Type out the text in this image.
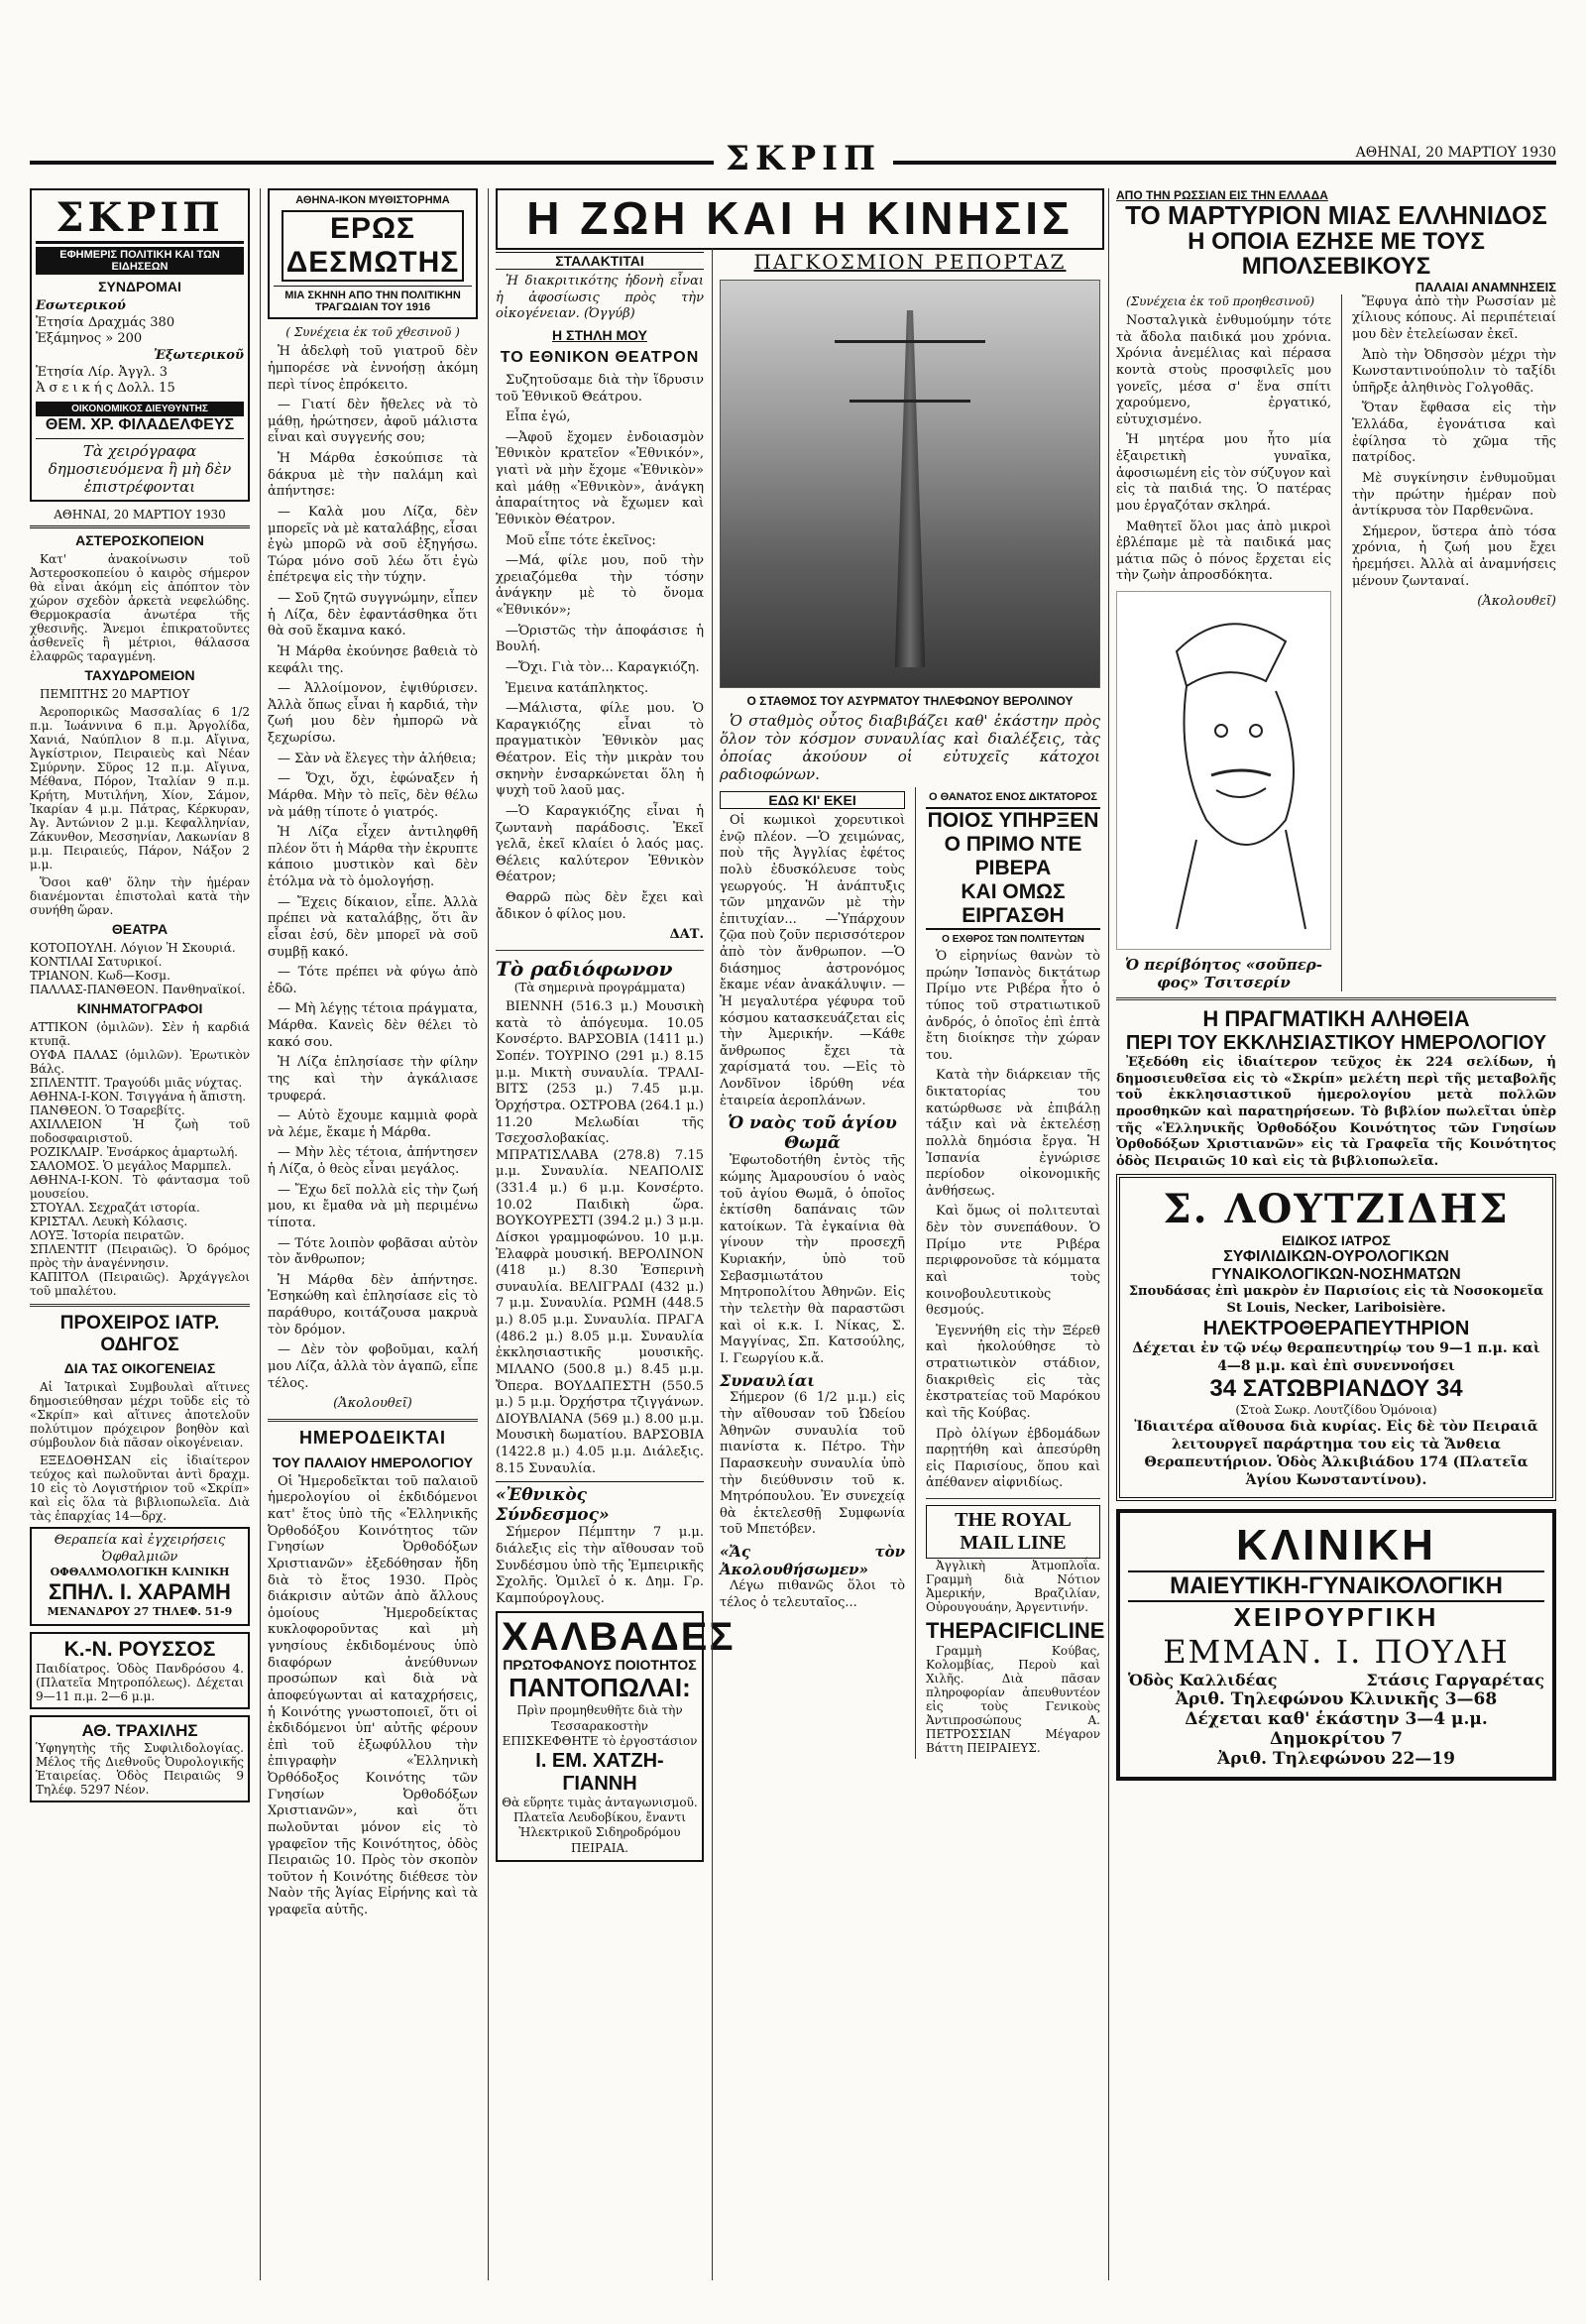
ΣΚΡΙΠ	ΑΘΗΝΑΙ, 20 ΜΑΡΤΙΟΥ 1930
ΣΚΡΙΠ
ΕΦΗΜΕΡΙΣ ΠΟΛΙΤΙΚΗ ΚΑΙ ΤΩΝ ΕΙΔΗΣΕΩΝ
ΣΥΝΔΡΟΜΑΙ
Εσωτερικού
Ἐτησία Δραχμάς 380
Ἑξάμηνος » 200
Ἐξωτερικοῦ
Ἐτησία Λίρ. Ἀγγλ. 3
Ἀ σ ε ι κ ή ς Δολλ. 15
ΟΙΚΟΝΟΜΙΚΟΣ ΔΙΕΥΘΥΝΤΗΣ
ΘΕΜ. ΧΡ. ΦΙΛΑΔΕΛΦΕΥΣ
Τὰ χειρόγραφα δημοσιευόμενα ἢ μὴ δὲν ἐπιστρέφονται
ΑΘΗΝΑΙ, 20 ΜΑΡΤΙΟΥ 1930
ΑΣΤΕΡΟΣΚΟΠΕΙΟΝ

Κατ' ἀνακοίνωσιν τοῦ Ἀστεροσκοπείου ὁ καιρὸς σήμερον θὰ εἶναι ἀκόμη εἰς ἀπόπτον τὸν χώρον σχεδὸν ἀρκετὰ νεφελώδης. Θερμοκρασία ἀνωτέρα τῆς χθεσινῆς. Ἄνεμοι ἐπικρατοῦντες ἀσθενεῖς ἢ μέτριοι, θάλασσα ἐλαφρῶς ταραγμένη.

ΤΑΧΥΔΡΟΜΕΙΟΝ

ΠΕΜΠΤΗΣ 20 ΜΑΡΤΙΟΥ

Ἀεροπορικῶς Μασσαλίας 6 1/2 π.μ. Ἰωάννινα 6 π.μ. Ἀργολίδα, Χανιά, Ναύπλιον 8 π.μ. Αἴγινα, Ἀγκίστριον, Πειραιεὺς καὶ Νέαν Σμύρνην. Σῦρος 12 π.μ. Αἴγινα, Μέθανα, Πόρον, Ἰταλίαν 9 π.μ. Κρήτη, Μυτιλήνη, Χίον, Σάμον, Ἰκαρίαν 4 μ.μ. Πάτρας, Κέρκυραν, Ἀγ. Ἀντώνιον 2 μ.μ. Κεφαλληνίαν, Ζάκυνθον, Μεσσηνίαν, Λακωνίαν 8 μ.μ. Πειραιεύς, Πάρον, Νάξον 2 μ.μ.

Ὅσοι καθ' ὅλην τὴν ἡμέραν διανέμονται ἐπιστολαὶ κατὰ τὴν συνήθη ὥραν.

ΘΕΑΤΡΑ
ΚΟΤΟΠΟΥΛΗ. Λόγιον Ἡ Σκουριά.
ΚΟΝΤΙΛΑΙ Σατυρικοί.
ΤΡΙΑΝΟΝ. Κωδ—Κοσμ.
ΠΑΛΛΑΣ-ΠΑΝΘΕΟΝ. Πανθηναϊκοί.
ΚΙΝΗΜΑΤΟΓΡΑΦΟΙ
ΑΤΤΙΚΟΝ (ὁμιλῶν). Σὲν ἡ καρδιά κτυπᾷ.
ΟΥΦΑ ΠΑΛΑΣ (ὁμιλῶν). Ἐρωτικὸν Βάλς.
ΣΠΛΕΝΤΙΤ. Τραγούδι μιᾶς νύχτας.
ΑΘΗΝΑ-Ι-ΚΟΝ. Τσιγγάνα ἡ ἄπιστη.
ΠΑΝΘΕΟΝ. Ὁ Τσαρεβίτς.
ΑΧΙΛΛΕΙΟΝ Ἡ ζωὴ τοῦ ποδοσφαιριστοῦ.
ΡΟΖΙΚΛΑΙΡ. Ἐνσάρκος ἀμαρτωλή.
ΣΑΛΟΜΟΣ. Ὁ μεγάλος Μαρμπελ.
ΑΘΗΝΑ-Ι-ΚΟΝ. Τὸ φάντασμα τοῦ μουσείου.
ΣΤΟΥΑΛ. Σεχραζάτ ιστορία.
ΚΡΙΣΤΑΛ. Λευκὴ Κόλασις.
ΛΟΥΞ. Ἰστορία πειρατῶν.
ΣΠΛΕΝΤΙΤ (Πειραιῶς). Ὁ δρόμος πρὸς τὴν ἀναγέννησιν.
ΚΑΠΙΤΟΛ (Πειραιῶς). Ἀρχάγγελοι τοῦ μπαλέτου.
ΠΡΟΧΕΙΡΟΣ ΙΑΤΡ. ΟΔΗΓΟΣ
ΔΙΑ ΤΑΣ ΟΙΚΟΓΕΝΕΙΑΣ

Αἱ Ἰατρικαὶ Συμβουλαὶ αἵτινες δημοσιεύθησαν μέχρι τοῦδε εἰς τὸ «Σκρίπ» καὶ αἵτινες ἀποτελοῦν πολύτιμον πρόχειρον βοηθὸν καὶ σύμβουλον διὰ πᾶσαν οἰκογένειαν.

ΕΞΕΔΟΘΗΣΑΝ εἰς ἰδιαίτερον τεύχος καὶ πωλοῦνται ἀντὶ δραχμ. 10 εἰς τὸ Λογιστήριον τοῦ «Σκρίπ» καὶ εἰς ὅλα τὰ βιβλιοπωλεῖα. Διὰ τὰς ἐπαρχίας 14—δρχ.

Θεραπεία καὶ ἐγχειρήσεις Ὀφθαλμιῶν
ΟΦΘΑΛΜΟΛΟΓΙΚΗ ΚΛΙΝΙΚΗ
ΣΠΗΛ. Ι. ΧΑΡΑΜΗ
ΜΕΝΑΝΔΡΟΥ 27 ΤΗΛΕΦ. 51-9
Κ.-Ν. ΡΟΥΣΣΟΣ
Παιδίατρος. Ὁδὸς Πανδρόσου 4. (Πλατεῖα Μητροπόλεως). Δέχεται 9—11 π.μ. 2—6 μ.μ.
ΑΘ. ΤΡΑΧΙΛΗΣ
Ὑφηγητὴς τῆς Συφιλιδολογίας. Μέλος τῆς Διεθνοῦς Ὀυρολογικῆς Ἑταιρείας. Ὁδὸς Πειραιῶς 9 Τηλέφ. 5297 Νέον.
ΑΘΗΝΑ-ΙΚΟΝ ΜΥΘΙΣΤΟΡΗΜΑ
ΕΡΩΣ ΔΕΣΜΩΤΗΣ
ΜΙΑ ΣΚΗΝΗ ΑΠΟ ΤΗΝ ΠΟΛΙΤΙΚΗΝ ΤΡΑΓΩΔΙΑΝ ΤΟΥ 1916

( Συνέχεια ἐκ τοῦ χθεσινοῦ )

Ἡ ἀδελφὴ τοῦ γιατροῦ δὲν ἠμπορέσε νὰ ἐννοήσῃ ἀκόμη περὶ τίνος ἐπρόκειτο.

— Γιατί δὲν ἤθελες νὰ τὸ μάθῃ, ἠρώτησεν, ἀφοῦ μάλιστα εἶναι καὶ συγγενής σου;

Ἡ Μάρθα ἐσκούπισε τὰ δάκρυα μὲ τὴν παλάμη καὶ ἀπήντησε:

— Καλὰ μου Λίζα, δὲν μπορεῖς νὰ μὲ καταλάβῃς, εἶσαι ἐγὼ μπορῶ νὰ σοῦ ἐξηγήσω. Τώρα μόνο σοῦ λέω ὅτι ἐγὼ ἐπέτρεψα εἰς τὴν τύχην.

— Σοῦ ζητῶ συγγνώμην, εἶπεν ἡ Λίζα, δὲν ἐφαντάσθηκα ὅτι θὰ σοῦ ἔκαμνα κακό.

Ἡ Μάρθα ἐκούνησε βαθειὰ τὸ κεφάλι της.

— Ἀλλοίμονον, ἐψιθύρισεν. Ἀλλὰ ὅπως εἶναι ἡ καρδιά, τὴν ζωή μου δὲν ἠμπορῶ νὰ ξεχωρίσω.

— Σὰν νὰ ἔλεγες τὴν ἀλήθεια;

— Ὄχι, ὄχι, ἐφώναξεν ἡ Μάρθα. Μὴν τὸ πεῖς, δὲν θέλω νὰ μάθῃ τίποτε ὁ γιατρός.

Ἡ Λίζα εἶχεν ἀντιληφθῆ πλέον ὅτι ἡ Μάρθα τὴν ἐκρυπτε κάποιο μυστικὸν καὶ δὲν ἐτόλμα νὰ τὸ ὁμολογήσῃ.

— Ἔχεις δίκαιον, εἶπε. Ἀλλὰ πρέπει νὰ καταλάβῃς, ὅτι ἂν εἶσαι ἐσύ, δὲν μπορεῖ νὰ σοῦ συμβῇ κακό.

— Τότε πρέπει νὰ φύγω ἀπὸ ἐδῶ.

— Μὴ λέγῃς τέτοια πράγματα, Μάρθα. Κανεὶς δὲν θέλει τὸ κακό σου.

Ἡ Λίζα ἐπλησίασε τὴν φίλην της καὶ τὴν ἀγκάλιασε τρυφερά.

— Αὐτὸ ἔχουμε καμμιὰ φορὰ νὰ λέμε, ἔκαμε ἡ Μάρθα.

— Μὴν λὲς τέτοια, ἀπήντησεν ἡ Λίζα, ὁ θεὸς εἶναι μεγάλος.

— Ἔχω δεῖ πολλὰ εἰς τὴν ζωή μου, κι ἔμαθα νὰ μὴ περιμένω τίποτα.

— Τότε λοιπὸν φοβᾶσαι αὐτὸν τὸν ἄνθρωπον;

Ἡ Μάρθα δὲν ἀπήντησε. Ἐσηκώθη καὶ ἐπλησίασε εἰς τὸ παράθυρο, κοιτάζουσα μακρυὰ τὸν δρόμον.

— Δὲν τὸν φοβοῦμαι, καλή μου Λίζα, ἀλλὰ τὸν ἀγαπῶ, εἶπε τέλος.

(Ἀκολουθεῖ)

ΗΜΕΡΟΔΕΙΚΤΑΙ
ΤΟΥ ΠΑΛΑΙΟΥ ΗΜΕΡΟΛΟΓΙΟΥ

Οἱ Ἡμεροδεῖκται τοῦ παλαιοῦ ἡμερολογίου οἱ ἐκδιδόμενοι κατ' ἔτος ὑπὸ τῆς «Ἑλληνικῆς Ὀρθοδόξου Κοινότητος τῶν Γνησίων Ὀρθοδόξων Χριστιανῶν» ἐξεδόθησαν ἤδη διὰ τὸ ἔτος 1930. Πρὸς διάκρισιν αὐτῶν ἀπὸ ἄλλους ὁμοίους Ἡμεροδείκτας κυκλοφοροῦντας καὶ μὴ γνησίους ἐκδιδομένους ὑπὸ διαφόρων ἀνεύθυνων προσώπων καὶ διὰ νὰ ἀποφεύγωνται αἱ καταχρήσεις, ἡ Κοινότης γνωστοποιεῖ, ὅτι οἱ ἐκδιδόμενοι ὑπ' αὐτῆς φέρουν ἐπὶ τοῦ ἐξωφύλλου τὴν ἐπιγραφὴν «Ἑλληνικὴ Ὀρθόδοξος Κοινότης τῶν Γνησίων Ὀρθοδόξων Χριστιανῶν», καὶ ὅτι πωλοῦνται μόνον εἰς τὸ γραφεῖον τῆς Κοινότητος, ὁδὸς Πειραιῶς 10. Πρὸς τὸν σκοπὸν τοῦτον ἡ Κοινότης διέθεσε τὸν Ναὸν τῆς Ἁγίας Εἰρήνης καὶ τὰ γραφεῖα αὐτῆς.

ΣΤΑΛΑΚΤΙΤΑΙ

Ἡ διακριτικότης ἡδονὴ εἶναι ἡ ἀφοσίωσις πρὸς τὴν οἰκογένειαν. (Ὀγγύβ)

Η ΣΤΗΛΗ ΜΟΥ
ΤΟ ΕΘΝΙΚΟΝ ΘΕΑΤΡΟΝ

Συζητοῦσαμε διὰ τὴν ἵδρυσιν τοῦ Ἐθνικοῦ Θεάτρου.

Εἶπα ἐγώ,

—Ἀφοῦ ἔχομεν ἐνδοιασμὸν Ἐθνικὸν κρατεῖον «Ἐθνικόν», γιατὶ νὰ μὴν ἔχομε «Ἐθνικὸν» καὶ μάθῃ «Ἐθνικὸν», ἀνάγκη ἀπαραίτητος νὰ ἔχωμεν καὶ Ἐθνικὸν Θέατρον.

Μοῦ εἶπε τότε ἐκεῖνος:

—Μά, φίλε μου, ποῦ τὴν χρειαζόμεθα τὴν τόσην ἀνάγκην μὲ τὸ ὄνομα «Ἐθνικόν»;

—Ὁριστῶς τὴν ἀποφάσισε ἡ Βουλή.

—Ὄχι. Γιὰ τὸν... Καραγκιόζη.

Ἐμεινα κατάπληκτος.

—Μάλιστα, φίλε μου. Ὁ Καραγκιόζης εἶναι τὸ πραγματικὸν Ἐθνικὸν μας Θέατρον. Εἰς τὴν μικρὰν του σκηνὴν ἐνσαρκώνεται ὅλη ἡ ψυχὴ τοῦ λαοῦ μας.

—Ὁ Καραγκιόζης εἶναι ἡ ζωντανὴ παράδοσις. Ἐκεῖ γελᾶ, ἐκεῖ κλαίει ὁ λαός μας. Θέλεις καλύτερον Ἐθνικὸν Θέατρον;

Θαρρῶ πὼς δὲν ἔχει καὶ ἄδικον ὁ φίλος μου.

ΔΑΤ.

Τὸ ραδιόφωνον

(Τὰ σημερινὰ προγράμματα)

ΒΙΕΝΝΗ (516.3 μ.) Μουσικὴ κατὰ τὸ ἀπόγευμα. 10.05 Κονσέρτο. ΒΑΡΣΟΒΙΑ (1411 μ.) Σοπέν. ΤΟΥΡΙΝΟ (291 μ.) 8.15 μ.μ. Μικτὴ συναυλία. ΤΡΑΛΙ-ΒΙΤΣ (253 μ.) 7.45 μ.μ. Ὀρχήστρα. ΟΣΤΡΟΒΑ (264.1 μ.) 11.20 Μελωδίαι τῆς Τσεχοσλοβακίας. ΜΠΡΑΤΙΣΛΑΒΑ (278.8) 7.15 μ.μ. Συναυλία. ΝΕΑΠΟΛΙΣ (331.4 μ.) 6 μ.μ. Κονσέρτο. 10.02 Παιδικὴ ὥρα. ΒΟΥΚΟΥΡΕΣΤΙ (394.2 μ.) 3 μ.μ. Δίσκοι γραμμοφώνου. 10 μ.μ. Ἐλαφρὰ μουσική. ΒΕΡΟΛΙΝΟΝ (418 μ.) 8.30 Ἑσπερινὴ συναυλία. ΒΕΛΙΓΡΑΔΙ (432 μ.) 7 μ.μ. Συναυλία. ΡΩΜΗ (448.5 μ.) 8.05 μ.μ. Συναυλία. ΠΡΑΓΑ (486.2 μ.) 8.05 μ.μ. Συναυλία ἐκκλησιαστικῆς μουσικῆς. ΜΙΛΑΝΟ (500.8 μ.) 8.45 μ.μ. Ὄπερα. ΒΟΥΔΑΠΕΣΤΗ (550.5 μ.) 5 μ.μ. Ὀρχήστρα τζιγγάνων. ΔΙΟΥΒΛΙΑΝΑ (569 μ.) 8.00 μ.μ. Μουσικὴ δωματίου. ΒΑΡΣΟΒΙΑ (1422.8 μ.) 4.05 μ.μ. Διάλεξις. 8.15 Συναυλία.

«Ἐθνικὸς Σύνδεσμος»

Σήμερον Πέμπτην 7 μ.μ. διάλεξις εἰς τὴν αἴθουσαν τοῦ Συνδέσμου ὑπὸ τῆς Ἐμπειρικῆς Σχολῆς. Ὁμιλεῖ ὁ κ. Δημ. Γρ. Καμπούρογλους.

ΧΑΛΒΑΔΕΣ
ΠΡΩΤΟΦΑΝΟΥΣ ΠΟΙΟΤΗΤΟΣ
ΠΑΝΤΟΠΩΛΑΙ:
Πρὶν προμηθευθῆτε διὰ τὴν Τεσσαρακοστὴν ΕΠΙΣΚΕΦΘΗΤΕ τὸ ἐργοστάσιον
Ι. ΕΜ. ΧΑΤΖΗ-ΓΙΑΝΝΗ
Θὰ εὕρητε τιμὰς ἀνταγωνισμοῦ. Πλατεῖα Λευδοβίκου, ἔναντι Ἡλεκτρικοῦ Σιδηροδρόμου ΠΕΙΡΑΙΑ.
Η ΖΩΗ ΚΑΙ Η ΚΙΝΗΣΙΣ
ΠΑΓΚΟΣΜΙΟΝ ΡΕΠΟΡΤΑΖ
Ο ΣΤΑΘΜΟΣ ΤΟΥ ΑΣΥΡΜΑΤΟΥ ΤΗΛΕΦΩΝΟΥ ΒΕΡΟΛΙΝΟΥ

Ὁ σταθμὸς οὗτος διαβιβάζει καθ' ἑκάστην πρὸς ὅλον τὸν κόσμον συναυλίας καὶ διαλέξεις, τὰς ὁποίας ἀκούουν οἱ εὐτυχεῖς κάτοχοι ραδιοφώνων.

ΕΔΩ ΚΙ' ΕΚΕΙ

Οἱ κωμικοὶ χορευτικοὶ ἐνῷ πλέον. —Ὁ χειμώνας, ποὺ τῆς Ἀγγλίας ἐφέτος πολὺ ἐδυσκόλευσε τοὺς γεωργούς. Ἡ ἀνάπτυξις τῶν μηχανῶν μὲ τὴν ἐπιτυχίαν... —Ὑπάρχουν ζῷα ποὺ ζοῦν περισσότερον ἀπὸ τὸν ἄνθρωπον. —Ὁ διάσημος ἀστρονόμος ἔκαμε νέαν ἀνακάλυψιν. —Ἡ μεγαλυτέρα γέφυρα τοῦ κόσμου κατασκευάζεται εἰς τὴν Ἀμερικήν. —Κάθε ἄνθρωπος ἔχει τὰ χαρίσματά του. —Εἰς τὸ Λονδῖνον ἱδρύθη νέα ἑταιρεία ἀεροπλάνων.

Ὁ ναὸς τοῦ ἁγίου Θωμᾶ

Ἐφωτοδοτήθη ἐντὸς τῆς κώμης Ἀμαρουσίου ὁ ναὸς τοῦ ἁγίου Θωμᾶ, ὁ ὁποῖος ἐκτίσθη δαπάναις τῶν κατοίκων. Τὰ ἐγκαίνια θὰ γίνουν τὴν προσεχῆ Κυριακήν, ὑπὸ τοῦ Σεβασμιωτάτου Μητροπολίτου Ἀθηνῶν. Εἰς τὴν τελετὴν θὰ παραστῶσι καὶ οἱ κ.κ. Ι. Νίκας, Σ. Μαγγίνας, Σπ. Κατσούλης, Ι. Γεωργίου κ.ἄ.

Συναυλίαι

Σήμερον (6 1/2 μ.μ.) εἰς τὴν αἴθουσαν τοῦ Ὠδείου Ἀθηνῶν συναυλία τοῦ πιανίστα κ. Πέτρο. Τὴν Παρασκευὴν συναυλία ὑπὸ τὴν διεύθυνσιν τοῦ κ. Μητρόπουλου. Ἐν συνεχείᾳ θὰ ἐκτελεσθῇ Συμφωνία τοῦ Μπετόβεν.

«Ἄς τὸν Ἀκολουθήσωμεν»

Λέγω πιθανῶς ὅλοι τὸ τέλος ὁ τελευταῖος...

Ο ΘΑΝΑΤΟΣ ΕΝΟΣ ΔΙΚΤΑΤΟΡΟΣ
ΠΟΙΟΣ ΥΠΗΡΞΕΝ
Ο ΠΡΙΜΟ ΝΤΕ ΡΙΒΕΡΑ
ΚΑΙ ΟΜΩΣ ΕΙΡΓΑΣΘΗ
Ο ΕΧΘΡΟΣ ΤΩΝ ΠΟΛΙΤΕΥΤΩΝ

Ὁ εἰρηνίως θανὼν τὸ πρώην Ἰσπανὸς δικτάτωρ Πρίμο ντε Ριβέρα ἦτο ὁ τύπος τοῦ στρατιωτικοῦ ἀνδρός, ὁ ὁποῖος ἐπὶ ἑπτὰ ἔτη διοίκησε τὴν χώραν του.

Κατὰ τὴν διάρκειαν τῆς δικτατορίας του κατώρθωσε νὰ ἐπιβάλῃ τάξιν καὶ νὰ ἐκτελέσῃ πολλὰ δημόσια ἔργα. Ἡ Ἰσπανία ἐγνώρισε περίοδον οἰκονομικῆς ἀνθήσεως.

Καὶ ὅμως οἱ πολιτευταὶ δὲν τὸν συνεπάθουν. Ὁ Πρίμο ντε Ριβέρα περιφρονοῦσε τὰ κόμματα καὶ τοὺς κοινοβουλευτικοὺς θεσμούς.

Ἐγεννήθη εἰς τὴν Ξέρεθ καὶ ἠκολούθησε τὸ στρατιωτικὸν στάδιον, διακριθεὶς εἰς τὰς ἐκστρατείας τοῦ Μαρόκου καὶ τῆς Κούβας.

Πρὸ ὀλίγων ἑβδομάδων παρῃτήθη καὶ ἀπεσύρθη εἰς Παρισίους, ὅπου καὶ ἀπέθανεν αἰφνιδίως.

THE ROYAL MAIL LINE

Ἀγγλικὴ Ἀτμοπλοΐα. Γραμμὴ διὰ Νότιον Ἀμερικήν, Βραζιλίαν, Οὐρουγουάην, Ἀργεντινήν.

THEPACIFICLINE

Γραμμὴ Κούβας, Κολομβίας, Περοὺ καὶ Χιλῆς. Διὰ πᾶσαν πληροφορίαν ἀπευθυντέον εἰς τοὺς Γενικοὺς Ἀντιπροσώπους Α. ΠΕΤΡΟΣΣΙΑΝ Μέγαρον Βάττη ΠΕΙΡΑΙΕΥΣ.

ΑΠΟ ΤΗΝ ΡΩΣΣΙΑΝ ΕΙΣ ΤΗΝ ΕΛΛΑΔΑ
ΤΟ ΜΑΡΤΥΡΙΟΝ ΜΙΑΣ ΕΛΛΗΝΙΔΟΣ
Η ΟΠΟΙΑ ΕΖΗΣΕ ΜΕ ΤΟΥΣ ΜΠΟΛΣΕΒΙΚΟΥΣ
ΠΑΛΑΙΑΙ ΑΝΑΜΝΗΣΕΙΣ

(Συνέχεια ἐκ τοῦ προηθεσινοῦ)

Νοσταλγικὰ ἐνθυμούμην τότε τὰ ἄδολα παιδικά μου χρόνια. Χρόνια ἀνεμέλιας καὶ πέρασα κοντὰ στοὺς προσφιλεῖς μου γονεῖς, μέσα σ' ἕνα σπίτι χαρούμενο, ἐργατικό, εὐτυχισμένο.

Ἡ μητέρα μου ἦτο μία ἐξαιρετικὴ γυναῖκα, ἀφοσιωμένη εἰς τὸν σύζυγον καὶ εἰς τὰ παιδιά της. Ὁ πατέρας μου ἐργαζόταν σκληρά.

Μαθητεῖ ὅλοι μας ἀπὸ μικροὶ ἐβλέπαμε μὲ τὰ παιδικά μας μάτια πῶς ὁ πόνος ἔρχεται εἰς τὴν ζωὴν ἀπροσδόκητα.

Ὁ περίβόητος «σοῦπερ-φος» Τσιτσερίν

Ἔφυγα ἀπὸ τὴν Ρωσσίαν μὲ χίλιους κόπους. Αἱ περιπέτειαί μου δὲν ἐτελείωσαν ἐκεῖ.

Ἀπὸ τὴν Ὀδησσὸν μέχρι τὴν Κωνσταντινούπολιν τὸ ταξίδι ὑπῆρξε ἀληθινὸς Γολγοθᾶς.

Ὅταν ἔφθασα εἰς τὴν Ἑλλάδα, ἐγονάτισα καὶ ἐφίλησα τὸ χῶμα τῆς πατρίδος.

Μὲ συγκίνησιν ἐνθυμοῦμαι τὴν πρώτην ἡμέραν ποὺ ἀντίκρυσα τὸν Παρθενῶνα.

Σήμερον, ὕστερα ἀπὸ τόσα χρόνια, ἡ ζωή μου ἔχει ἠρεμήσει. Ἀλλὰ αἱ ἀναμνήσεις μένουν ζωνταναί.

(Ἀκολουθεῖ)

Η ΠΡΑΓΜΑΤΙΚΗ ΑΛΗΘΕΙΑ
ΠΕΡΙ ΤΟΥ ΕΚΚΛΗΣΙΑΣΤΙΚΟΥ ΗΜΕΡΟΛΟΓΙΟΥ

Ἐξεδόθη εἰς ἰδιαίτερον τεῦχος ἐκ 224 σελίδων, ἡ δημοσιευθεῖσα εἰς τὸ «Σκρίπ» μελέτη περὶ τῆς μεταβολῆς τοῦ ἐκκλησιαστικοῦ ἡμερολογίου μετὰ πολλῶν προσθηκῶν καὶ παρατηρήσεων. Τὸ βιβλίον πωλεῖται ὑπὲρ τῆς «Ἑλληνικῆς Ὀρθοδόξου Κοινότητος τῶν Γνησίων Ὀρθοδόξων Χριστιανῶν» εἰς τὰ Γραφεῖα τῆς Κοινότητος ὁδὸς Πειραιῶς 10 καὶ εἰς τὰ βιβλιοπωλεῖα.

Σ. ΛΟΥΤΖΙΔΗΣ
ΕΙΔΙΚΟΣ ΙΑΤΡΟΣ
ΣΥΦΙΛΙΔΙΚΩΝ-ΟΥΡΟΛΟΓΙΚΩΝ
ΓΥΝΑΙΚΟΛΟΓΙΚΩΝ-ΝΟΣΗΜΑΤΩΝ
Σπουδάσας ἐπὶ μακρὸν ἐν Παρισίοις εἰς τὰ Νοσοκομεῖα St Louis, Necker, Lariboisière.
ΗΛΕΚΤΡΟΘΕΡΑΠΕΥΤΗΡΙΟΝ
Δέχεται ἐν τῷ νέῳ θεραπευτηρίῳ του 9—1 π.μ. καὶ 4—8 μ.μ. καὶ ἐπὶ συνεννοήσει
34 ΣΑΤΩΒΡΙΑΝΔΟΥ 34
(Στοὰ Σωκρ. Λουτζίδου Ὁμόνοια)
Ἰδιαιτέρα αἴθουσα διὰ κυρίας. Εἰς δὲ τὸν Πειραιᾶ λειτουργεῖ παράρτημα του εἰς τὰ Ἄνθεια Θεραπευτήριον. Ὁδὸς Ἀλκιβιάδου 174 (Πλατεῖα Ἁγίου Κωνσταντίνου).
ΚΛΙΝΙΚΗ
ΜΑΙΕΥΤΙΚΗ-ΓΥΝΑΙΚΟΛΟΓΙΚΗ
ΧΕΙΡΟΥΡΓΙΚΗ
ΕΜΜΑΝ. Ι. ΠΟΥΛΗ
Ὁδὸς Καλλιδέας	Στάσις Γαργαρέτας
Ἀριθ. Τηλεφώνου Κλινικῆς 3—68
Δέχεται καθ' ἑκάστην 3—4 μ.μ.
Δημοκρίτου 7
Ἀριθ. Τηλεφώνου 22—19
